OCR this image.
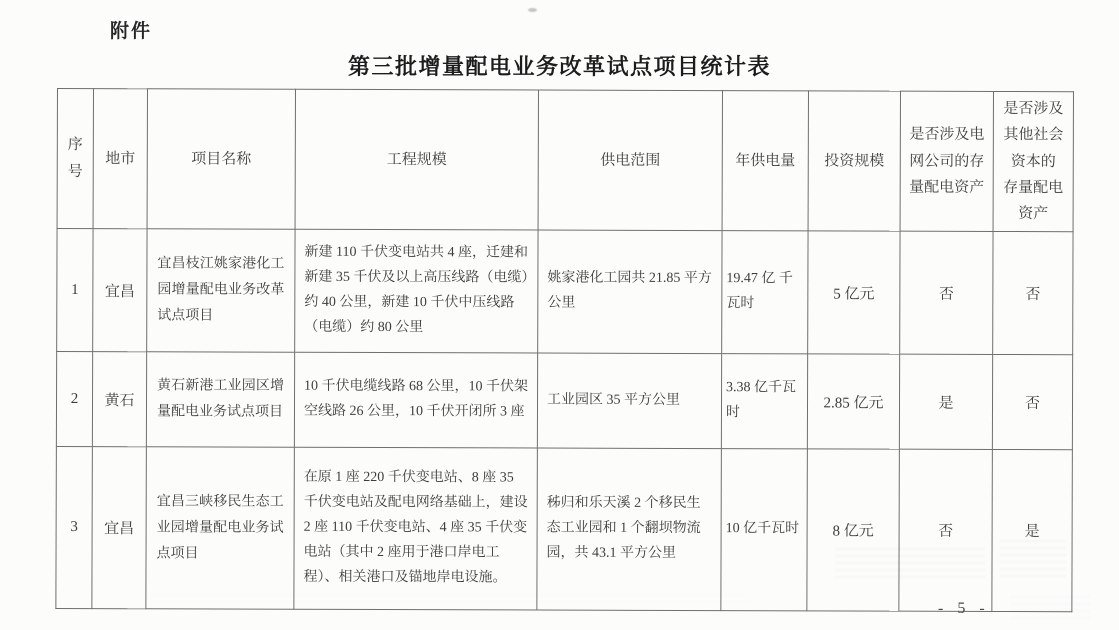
附件
第三批增量配电业务改革试点项目统计表
序号	地市	项目名称	工程规模	供电范围	年供电量	投资规模	是否涉及电
网公司的存
量配电资产	是否涉及
其他社会
资本的
存量配电
资产
1	宜昌	宜昌枝江姚家港化工园增量配电业务改革试点项目	新建 110 千伏变电站共 4 座，迁建和新建 35 千伏及以上高压线路（电缆）约 40 公里，新建 10 千伏中压线路（电缆）约 80 公里	姚家港化工园共 21.85 平方公里	19.47 亿 千瓦时	5 亿元	否	否
2	黄石	黄石新港工业园区增量配电业务试点项目	10 千伏电缆线路 68 公里，10 千伏架空线路 26 公里，10 千伏开闭所 3 座	工业园区 35 平方公里	3.38 亿千瓦时	2.85 亿元	是	否
3	宜昌	宜昌三峡移民生态工业园增量配电业务试点项目	在原 1 座 220 千伏变电站、8 座 35 千伏变电站及配电网络基础上，建设 2 座 110 千伏变电站、4 座 35 千伏变电站（其中 2 座用于港口岸电工程）、相关港口及锚地岸电设施。	秭归和乐天溪 2 个移民生态工业园和 1 个翻坝物流园，共 43.1 平方公里	10 亿千瓦时	8 亿元	否	是
- 5 -
